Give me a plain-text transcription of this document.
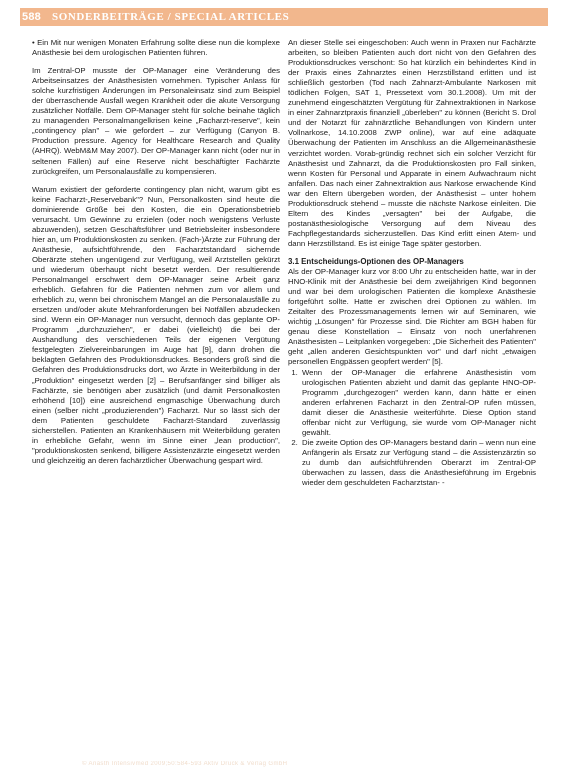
588 SONDERBEITRÄGE / SPECIAL ARTICLES

• Ein Mit nur wenigen Monaten Erfahrung sollte diese nun die komplexe Anästhesie bei dem urologischen Patienten führen.

Im Zentral-OP musste der OP-Manager eine Veränderung des Arbeitseinsatzes der Anästhesisten vornehmen. Typischer Anlass für solche kurzfristigen Änderungen im Personaleinsatz sind zum Beispiel der überraschende Ausfall wegen Krankheit oder die akute Versorgung zusätzlicher Notfälle. Dem OP-Manager steht für solche beinahe täglich zu managenden Personalmangelkrisen keine „Facharzt-reserve", kein „contingency plan" – wie gefordert – zur Verfügung (Canyon B. Production pressure. Agency for Healthcare Research and Quality (AHRQ). WebM&M May 2007). Der OP-Manager kann nicht (oder nur in seltenen Fällen) auf eine Reserve nicht beschäftigter Fachärzte zurückgreifen, um Personalausfälle zu kompensieren.

Warum existiert der geforderte contingency plan nicht, warum gibt es keine Facharzt-„Reservebank"? Nun, Personalkosten sind heute die dominierende Größe bei den Kosten, die ein Operationsbetrieb verursacht. Um Gewinne zu erzielen (oder noch wenigstens Verluste abzuwenden), setzen Geschäftsführer und Betriebsleiter insbesondere hier an, um Produktionskosten zu senken. (Fach-)Ärzte zur Führung der Anästhesie, aufsichtführende, den Facharztstandard sichernde Oberärzte stehen ungenügend zur Verfügung, weil Arztstellen gekürzt und wiederum überhaupt nicht besetzt werden. Der resultierende Personalmangel erschwert dem OP-Manager seine Arbeit ganz erheblich. Gefahren für die Patienten nehmen zum vor allem und erheblich zu, wenn bei chronischem Mangel an die Personalausfälle zu ersetzen und/oder akute Mehranforderungen bei Notfällen abzudecken sind. Wenn ein OP-Manager nun versucht, dennoch das geplante OP-Programm „durchzuziehen", er dabei (vielleicht) die bei der Aushandlung des verschiedenen Teils der eigenen Vergütung festgelegten Zielvereinbarungen im Auge hat [9], dann drohen die beklagten Gefahren des Produktionsdruckes. Besonders groß sind die Gefahren des Produktionsdrucks dort, wo Ärzte in Weiterbildung in der „Produktion" eingesetzt werden [2] – Berufsanfänger sind billiger als Fachärzte, sie benötigen aber zusätzlich (und damit Personalkosten erhöhend [10]) eine ausreichend engmaschige Überwachung durch einen (selber nicht „produzierenden") Facharzt. Nur so lässt sich der dem Patienten geschuldete Facharzt-Standard zuverlässig sicherstellen. Patienten an Krankenhäusern mit Weiterbildung geraten in erhebliche Gefahr, wenn im Sinne einer „lean production", "produktionskosten senkend, billigere Assistenzärzte eingesetzt werden und gleichzeitig an deren fachärztlicher Überwachung gespart wird.

An dieser Stelle sei eingeschoben: Auch wenn in Praxen nur Fachärzte arbeiten, so bleiben Patienten auch dort nicht von den Gefahren des Produktionsdruckes verschont: So hat kürzlich ein behindertes Kind in der Praxis eines Zahnarztes einen Herzstillstand erlitten und ist schließlich gestorben (Tod nach Zahnarzt-Ambulante Narkosen mit tödlichen Folgen, SAT 1, Pressetext vom 30.1.2008). Um mit der zunehmend eingeschätzten Vergütung für Zahnextraktionen in Narkose in einer Zahnarztpraxis finanziell „überleben" zu können (Bericht S. Drol und der Notarzt für zahnärztliche Behandlungen von Kindern unter Vollnarkose, 14.10.2008 ZWP online), war auf eine adäquate Überwachung der Patienten im Anschluss an die Allgemeinanästhesie verzichtet worden. Vorab-gründig rechnet sich ein solcher Verzicht für Anästhesist und Zahnarzt, da die Produktionskosten pro Fall sinken, wenn Kosten für Personal und Apparate in einem Aufwachraum nicht anfallen. Das nach einer Zahnextraktion aus Narkose erwachende Kind war den Eltern übergeben worden, der Anästhesist – unter hohem Produktionsdruck stehend – musste die nächste Narkose einleiten. Die Eltern des Kindes „versagten" bei der Aufgabe, die postanästhesiologische Versorgung auf dem Niveau des Fachpflegestandards sicherzustellen. Das Kind erlitt einen Atem- und dann Herzstillstand. Es ist einige Tage später gestorben.

3.1 Entscheidungs-Optionen des OP-Managers

Als der OP-Manager kurz vor 8:00 Uhr zu entscheiden hatte, war in der HNO-Klinik mit der Anästhesie bei dem zweijährigen Kind begonnen und war bei dem urologischen Patienten die komplexe Anästhesie fortgeführt sollte. Hatte er zwischen drei Optionen zu wählen. Im Zeitalter des Prozessmanagements lernen wir auf Seminaren, wie wichtig „Lösungen" für Prozesse sind. Die Richter am BGH haben für genau diese Konstellation – Einsatz von noch unerfahrenen Anästhesisten – Leitplanken vorgegeben: „Die Sicherheit des Patienten" geht „allen anderen Gesichtspunkten vor" und darf nicht „etwaigen personellen Engpässen geopfert werden" [5].

1. Wenn der OP-Manager die erfahrene Anästhesistin vom urologischen Patienten abzieht und damit das geplante HNO-OP-Programm „durchgezogen" werden kann, dann hätte er einen anderen erfahrenen Facharzt in den Zentral-OP rufen müssen, damit dieser die Anästhesie weiterführte. Diese Option stand offenbar nicht zur Verfügung, sie wurde vom OP-Manager nicht gewählt.
2. Die zweite Option des OP-Managers bestand darin – wenn nun eine Anfängerin als Ersatz zur Verfügung stand – die Assistenzärztin so zu dumb dan aufsichtführenden Oberarzt im Zentral-OP überwachen zu lassen, dass die Anästhesieführung im Ergebnis wieder dem geschuldeten Facharztstan- -
© Anästh Intensivmed 2009;50:584-593 Aktiv Druck & Verlag GmbH
